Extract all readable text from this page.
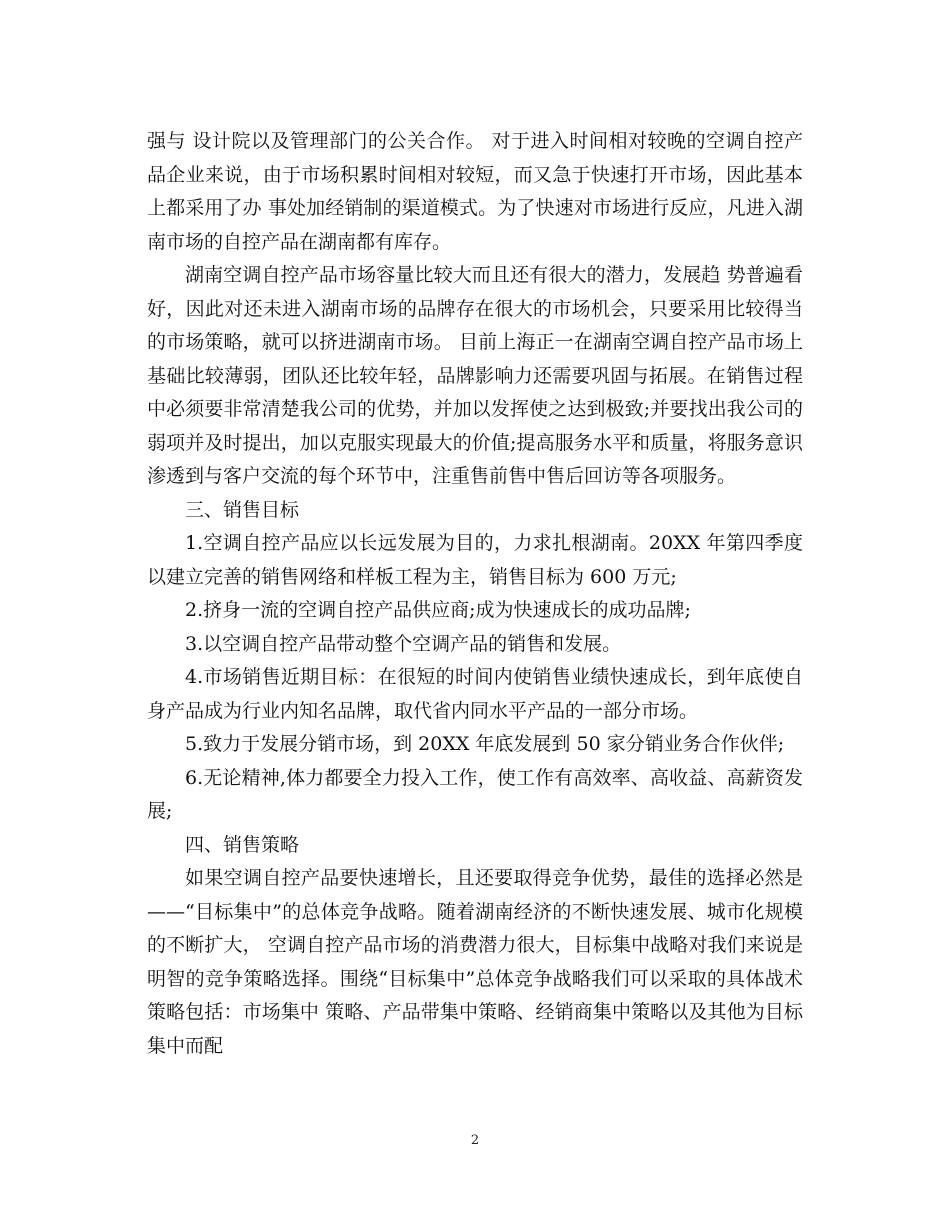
强与 设计院以及管理部门的公关合作。 对于进入时间相对较晚的空调自控产品企业来说，由于市场积累时间相对较短，而又急于快速打开市场，因此基本上都采用了办 事处加经销制的渠道模式。为了快速对市场进行反应，凡进入湖南市场的自控产品在湖南都有库存。

湖南空调自控产品市场容量比较大而且还有很大的潜力，发展趋 势普遍看好，因此对还未进入湖南市场的品牌存在很大的市场机会，只要采用比较得当的市场策略，就可以挤进湖南市场。 目前上海正一在湖南空调自控产品市场上基础比较薄弱，团队还比较年轻，品牌影响力还需要巩固与拓展。在销售过程中必须要非常清楚我公司的优势，并加以发挥使之达到极致;并要找出我公司的弱项并及时提出，加以克服实现最大的价值;提高服务水平和质量，将服务意识渗透到与客户交流的每个环节中，注重售前售中售后回访等各项服务。

三、销售目标

1.空调自控产品应以长远发展为目的，力求扎根湖南。20XX 年第四季度以建立完善的销售网络和样板工程为主，销售目标为 600 万元;

2.挤身一流的空调自控产品供应商;成为快速成长的成功品牌;

3.以空调自控产品带动整个空调产品的销售和发展。

4.市场销售近期目标：在很短的时间内使销售业绩快速成长，到年底使自身产品成为行业内知名品牌，取代省内同水平产品的一部分市场。

5.致力于发展分销市场，到 20XX 年底发展到 50 家分销业务合作伙伴;

6.无论精神,体力都要全力投入工作，使工作有高效率、高收益、高薪资发展;

四、销售策略

如果空调自控产品要快速增长，且还要取得竞争优势，最佳的选择必然是——“目标集中”的总体竞争战略。随着湖南经济的不断快速发展、城市化规模的不断扩大， 空调自控产品市场的消费潜力很大，目标集中战略对我们来说是明智的竞争策略选择。围绕“目标集中”总体竞争战略我们可以采取的具体战术策略包括：市场集中 策略、产品带集中策略、经销商集中策略以及其他为目标集中而配

2
